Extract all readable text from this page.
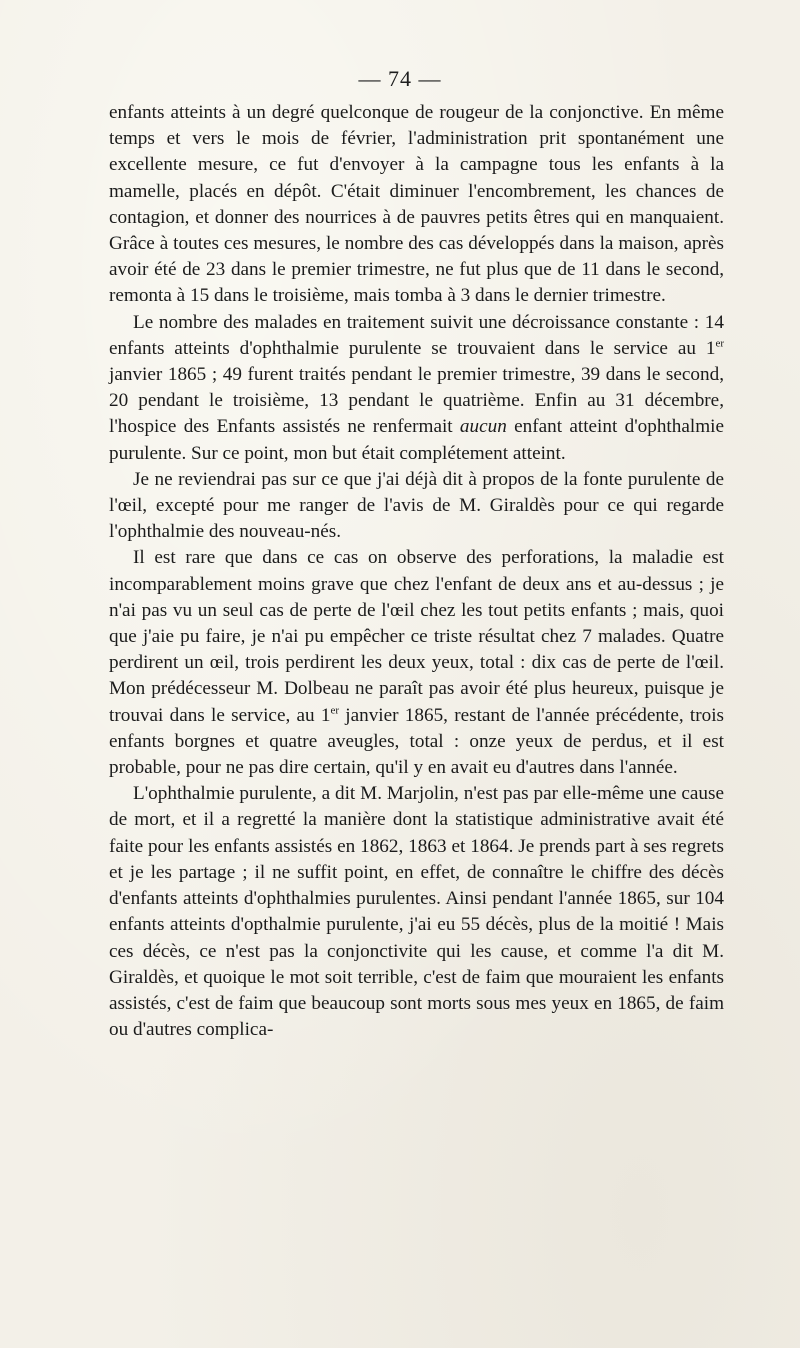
— 74 —

enfants atteints à un degré quelconque de rougeur de la conjonctive. En même temps et vers le mois de février, l'administration prit spontanément une excellente mesure, ce fut d'envoyer à la campagne tous les enfants à la mamelle, placés en dépôt. C'était diminuer l'encombrement, les chances de contagion, et donner des nourrices à de pauvres petits êtres qui en manquaient. Grâce à toutes ces mesures, le nombre des cas développés dans la maison, après avoir été de 23 dans le premier trimestre, ne fut plus que de 11 dans le second, remonta à 15 dans le troisième, mais tomba à 3 dans le dernier trimestre.

Le nombre des malades en traitement suivit une décroissance constante : 14 enfants atteints d'ophthalmie purulente se trouvaient dans le service au 1er janvier 1865 ; 49 furent traités pendant le premier trimestre, 39 dans le second, 20 pendant le troisième, 13 pendant le quatrième. Enfin au 31 décembre, l'hospice des Enfants assistés ne renfermait aucun enfant atteint d'ophthalmie purulente. Sur ce point, mon but était complétement atteint.

Je ne reviendrai pas sur ce que j'ai déjà dit à propos de la fonte purulente de l'œil, excepté pour me ranger de l'avis de M. Giraldès pour ce qui regarde l'ophthalmie des nouveau-nés.

Il est rare que dans ce cas on observe des perforations, la maladie est incomparablement moins grave que chez l'enfant de deux ans et au-dessus ; je n'ai pas vu un seul cas de perte de l'œil chez les tout petits enfants ; mais, quoi que j'aie pu faire, je n'ai pu empêcher ce triste résultat chez 7 malades. Quatre perdirent un œil, trois perdirent les deux yeux, total : dix cas de perte de l'œil. Mon prédécesseur M. Dolbeau ne paraît pas avoir été plus heureux, puisque je trouvai dans le service, au 1er janvier 1865, restant de l'année précédente, trois enfants borgnes et quatre aveugles, total : onze yeux de perdus, et il est probable, pour ne pas dire certain, qu'il y en avait eu d'autres dans l'année.

L'ophthalmie purulente, a dit M. Marjolin, n'est pas par elle-même une cause de mort, et il a regretté la manière dont la statistique administrative avait été faite pour les enfants assistés en 1862, 1863 et 1864. Je prends part à ses regrets et je les partage ; il ne suffit point, en effet, de connaître le chiffre des décès d'enfants atteints d'ophthalmies purulentes. Ainsi pendant l'année 1865, sur 104 enfants atteints d'opthalmie purulente, j'ai eu 55 décès, plus de la moitié ! Mais ces décès, ce n'est pas la conjonctivite qui les cause, et comme l'a dit M. Giraldès, et quoique le mot soit terrible, c'est de faim que mouraient les enfants assistés, c'est de faim que beaucoup sont morts sous mes yeux en 1865, de faim ou d'autres complica-
